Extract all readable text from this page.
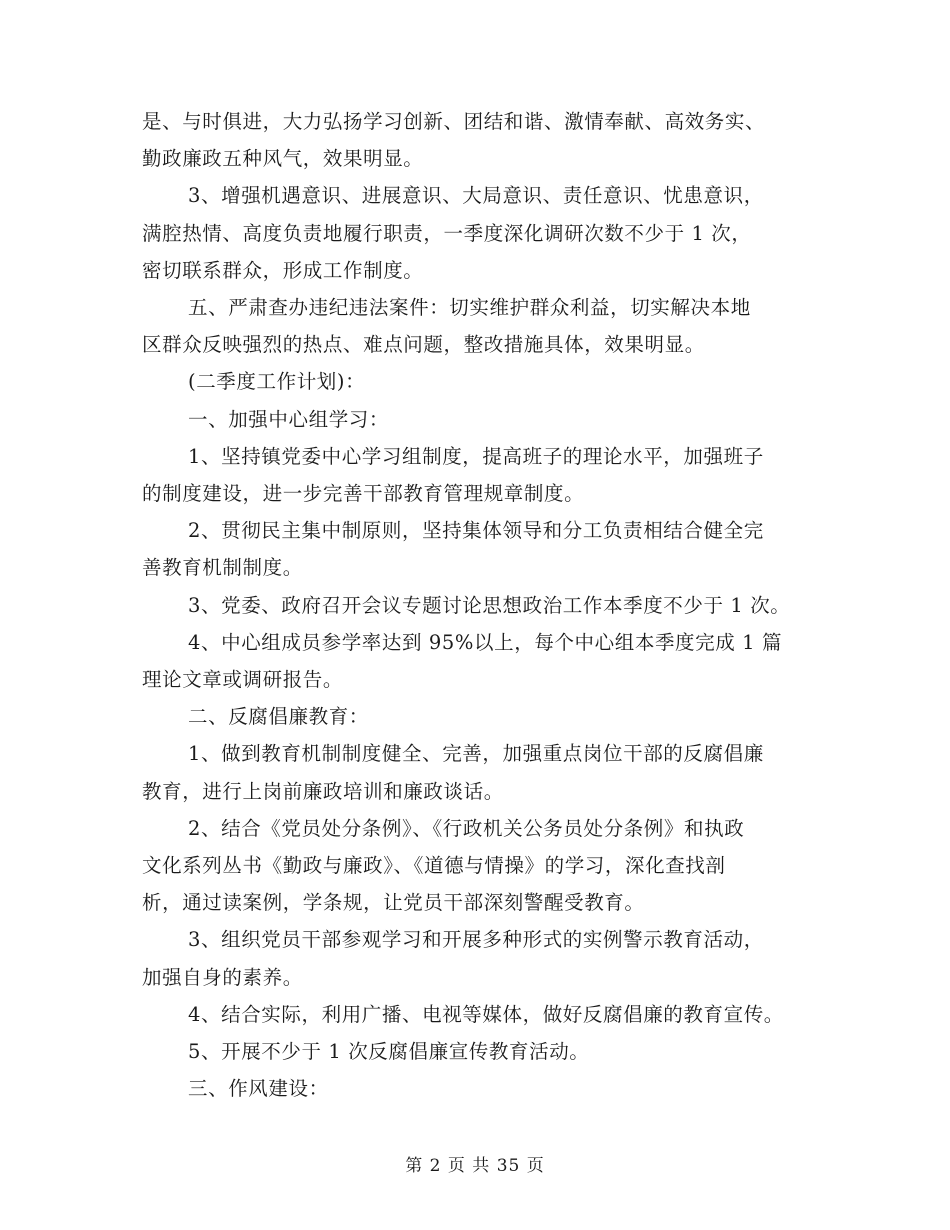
是、与时俱进，大力弘扬学习创新、团结和谐、激情奉献、高效务实、

勤政廉政五种风气，效果明显。

3、增强机遇意识、进展意识、大局意识、责任意识、忧患意识，

满腔热情、高度负责地履行职责，一季度深化调研次数不少于 1 次，

密切联系群众，形成工作制度。

五、严肃查办违纪违法案件：切实维护群众利益，切实解决本地

区群众反映强烈的热点、难点问题，整改措施具体，效果明显。

(二季度工作计划)：

一、加强中心组学习：

1、坚持镇党委中心学习组制度，提高班子的理论水平，加强班子

的制度建设，进一步完善干部教育管理规章制度。

2、贯彻民主集中制原则，坚持集体领导和分工负责相结合健全完

善教育机制制度。

3、党委、政府召开会议专题讨论思想政治工作本季度不少于 1 次。

4、中心组成员参学率达到 95%以上，每个中心组本季度完成 1 篇

理论文章或调研报告。

二、反腐倡廉教育：

1、做到教育机制制度健全、完善，加强重点岗位干部的反腐倡廉

教育，进行上岗前廉政培训和廉政谈话。

2、结合《党员处分条例》、《行政机关公务员处分条例》和执政

文化系列丛书《勤政与廉政》、《道德与情操》的学习，深化查找剖

析，通过读案例，学条规，让党员干部深刻警醒受教育。

3、组织党员干部参观学习和开展多种形式的实例警示教育活动，

加强自身的素养。

4、结合实际，利用广播、电视等媒体，做好反腐倡廉的教育宣传。

5、开展不少于 1 次反腐倡廉宣传教育活动。

三、作风建设：

第 2 页 共 35 页
